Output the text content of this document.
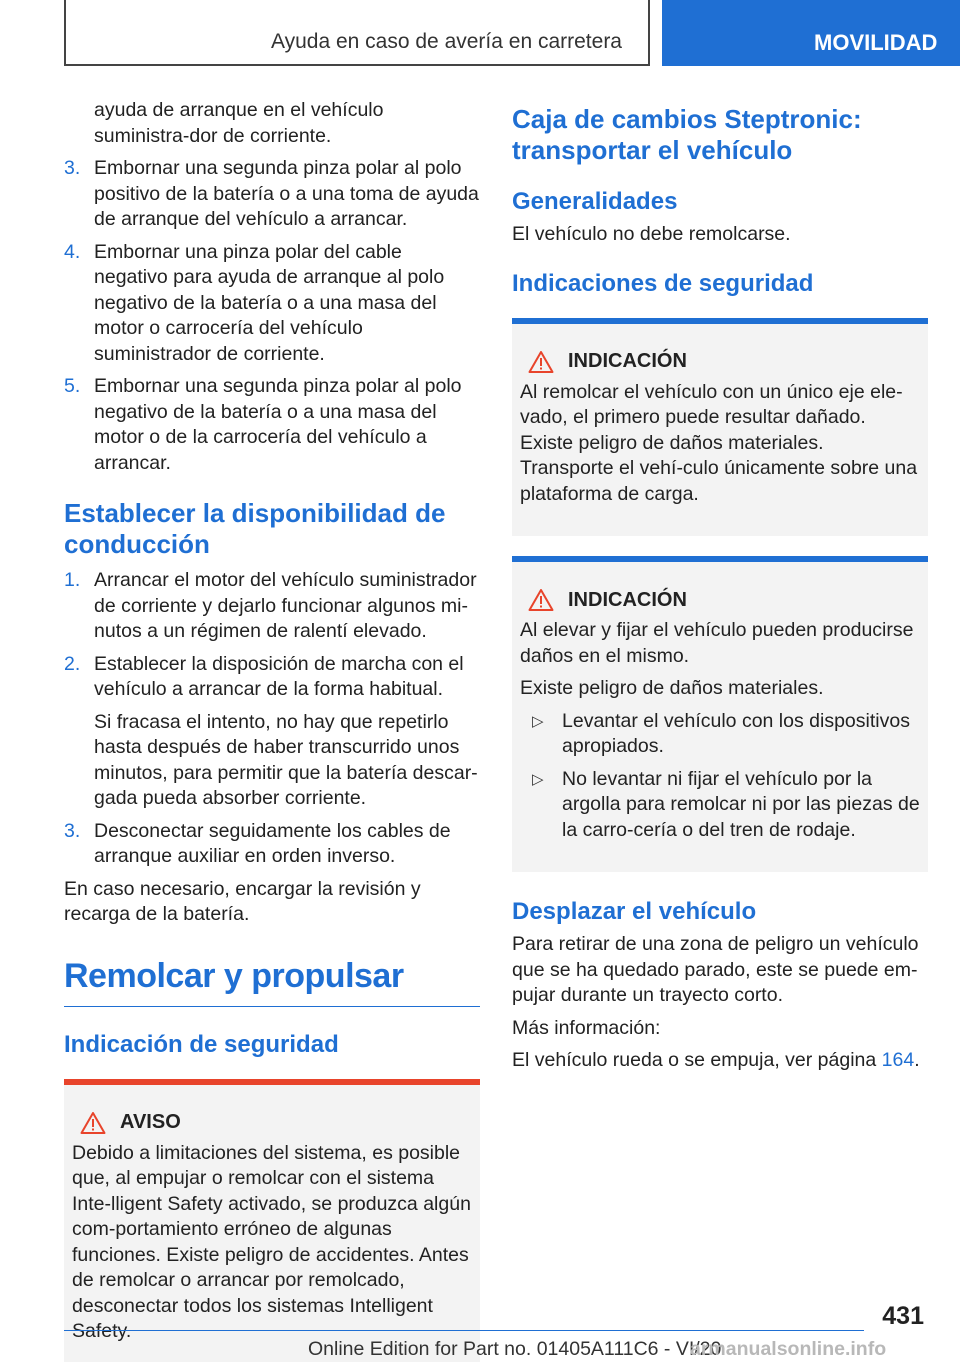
Ayuda en caso de avería en carretera	MOVILIDAD

ayuda de arranque en el vehículo suministra-dor de corriente.

3. Embornar una segunda pinza polar al polo positivo de la batería o a una toma de ayuda de arranque del vehículo a arrancar.
4. Embornar una pinza polar del cable negativo para ayuda de arranque al polo negativo de la batería o a una masa del motor o carrocería del vehículo suministrador de corriente.
5. Embornar una segunda pinza polar al polo negativo de la batería o a una masa del motor o de la carrocería del vehículo a arrancar.
Establecer la disponibilidad de conducción
1. Arrancar el motor del vehículo suministrador de corriente y dejarlo funcionar algunos mi-nutos a un régimen de ralentí elevado.
2. Establecer la disposición de marcha con el vehículo a arrancar de la forma habitual.
Si fracasa el intento, no hay que repetirlo hasta después de haber transcurrido unos minutos, para permitir que la batería descar-gada pueda absorber corriente.
3. Desconectar seguidamente los cables de arranque auxiliar en orden inverso.

En caso necesario, encargar la revisión y recarga de la batería.

Remolcar y propulsar
Indicación de seguridad
AVISO

Debido a limitaciones del sistema, es posible que, al empujar o remolcar con el sistema Inte-lligent Safety activado, se produzca algún com-portamiento erróneo de algunas funciones. Existe peligro de accidentes. Antes de remolcar o arrancar por remolcado, desconectar todos los sistemas Intelligent Safety.

Caja de cambios Steptronic: transportar el vehículo
Generalidades

El vehículo no debe remolcarse.

Indicaciones de seguridad
INDICACIÓN

Al remolcar el vehículo con un único eje ele-vado, el primero puede resultar dañado. Existe peligro de daños materiales. Transporte el vehí-culo únicamente sobre una plataforma de carga.

INDICACIÓN

Al elevar y fijar el vehículo pueden producirse daños en el mismo.

Existe peligro de daños materiales.

▷ Levantar el vehículo con los dispositivos apropiados.
▷ No levantar ni fijar el vehículo por la argolla para remolcar ni por las piezas de la carro-cería o del tren de rodaje.
Desplazar el vehículo

Para retirar de una zona de peligro un vehículo que se ha quedado parado, este se puede em-pujar durante un trayecto corto.

Más información:

El vehículo rueda o se empuja, ver página 164.

431
Online Edition for Part no. 01405A111C6 - VI/20
armanualsonline.info
